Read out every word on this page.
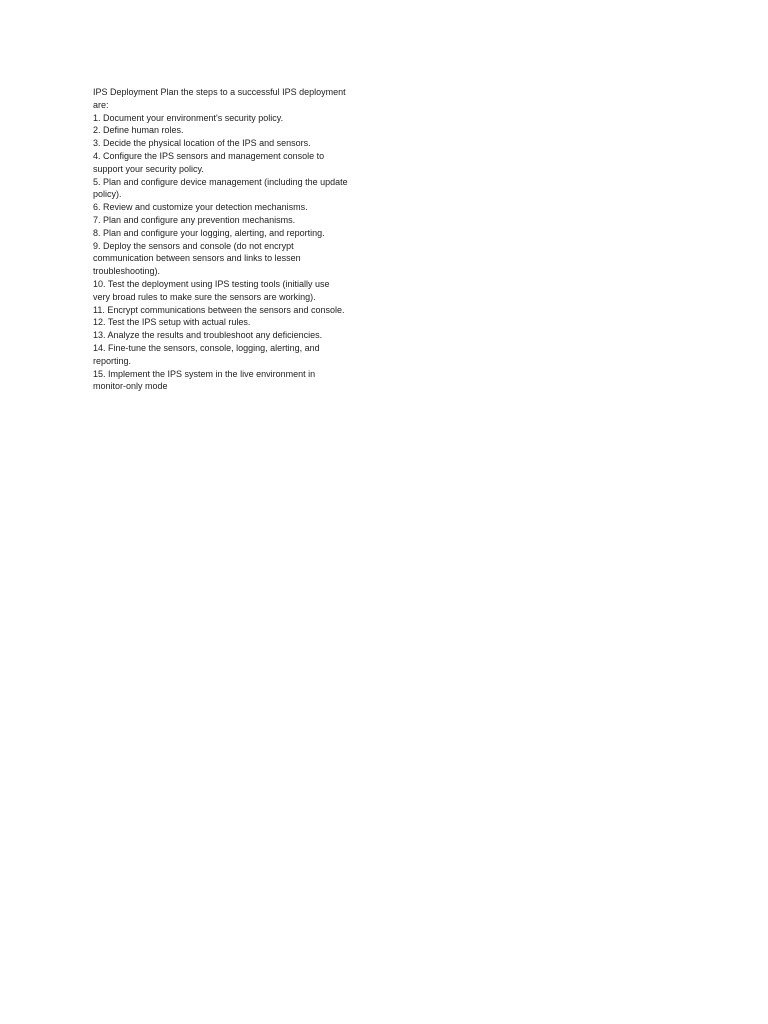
IPS Deployment Plan the steps to a successful IPS deployment
are:
1. Document your environment's security policy.
2. Define human roles.
3. Decide the physical location of the IPS and sensors.
4. Configure the IPS sensors and management console to
support your security policy.
5. Plan and configure device management (including the update
policy).
6. Review and customize your detection mechanisms.
7. Plan and configure any prevention mechanisms.
8. Plan and configure your logging, alerting, and reporting.
9. Deploy the sensors and console (do not encrypt
communication between sensors and links to lessen
troubleshooting).
10. Test the deployment using IPS testing tools (initially use
very broad rules to make sure the sensors are working).
11. Encrypt communications between the sensors and console.
12. Test the IPS setup with actual rules.
13. Analyze the results and troubleshoot any deficiencies.
14. Fine-tune the sensors, console, logging, alerting, and
reporting.
15. Implement the IPS system in the live environment in
monitor-only mode
